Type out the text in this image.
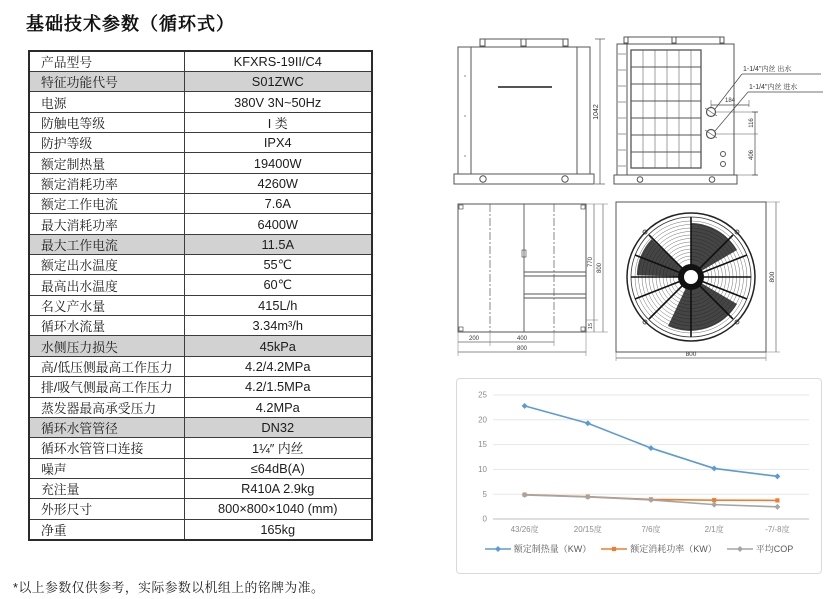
基础技术参数（循环式）
产品型号	KFXRS-19II/C4
特征功能代号	S01ZWC
电源	380V 3N~50Hz
防触电等级	I 类
防护等级	IPX4
额定制热量	19400W
额定消耗功率	4260W
额定工作电流	7.6A
最大消耗功率	6400W
最大工作电流	11.5A
额定出水温度	55℃
最高出水温度	60℃
名义产水量	415L/h
循环水流量	3.34m³/h
水侧压力损失	45kPa
高/低压侧最高工作压力	4.2/4.2MPa
排/吸气侧最高工作压力	4.2/1.5MPa
蒸发器最高承受压力	4.2MPa
循环水管管径	DN32
循环水管管口连接	1¼″ 内丝
噪声	≤64dB(A)
充注量	R410A 2.9kg
外形尺寸	800×800×1040 (mm)
净重	165kg
*以上参数仅供参考，实际参数以机组上的铭牌为准。
1042
1-1/4"内丝 出水
1-1/4"内丝 进水
184
116
406
200	400
800
770
800
15
800
800
0
5
10
15
20
25
43/26度	20/15度	7/6度	2/1度	-7/-8度
额定制热量（KW）	额定消耗功率（KW）	平均COP
